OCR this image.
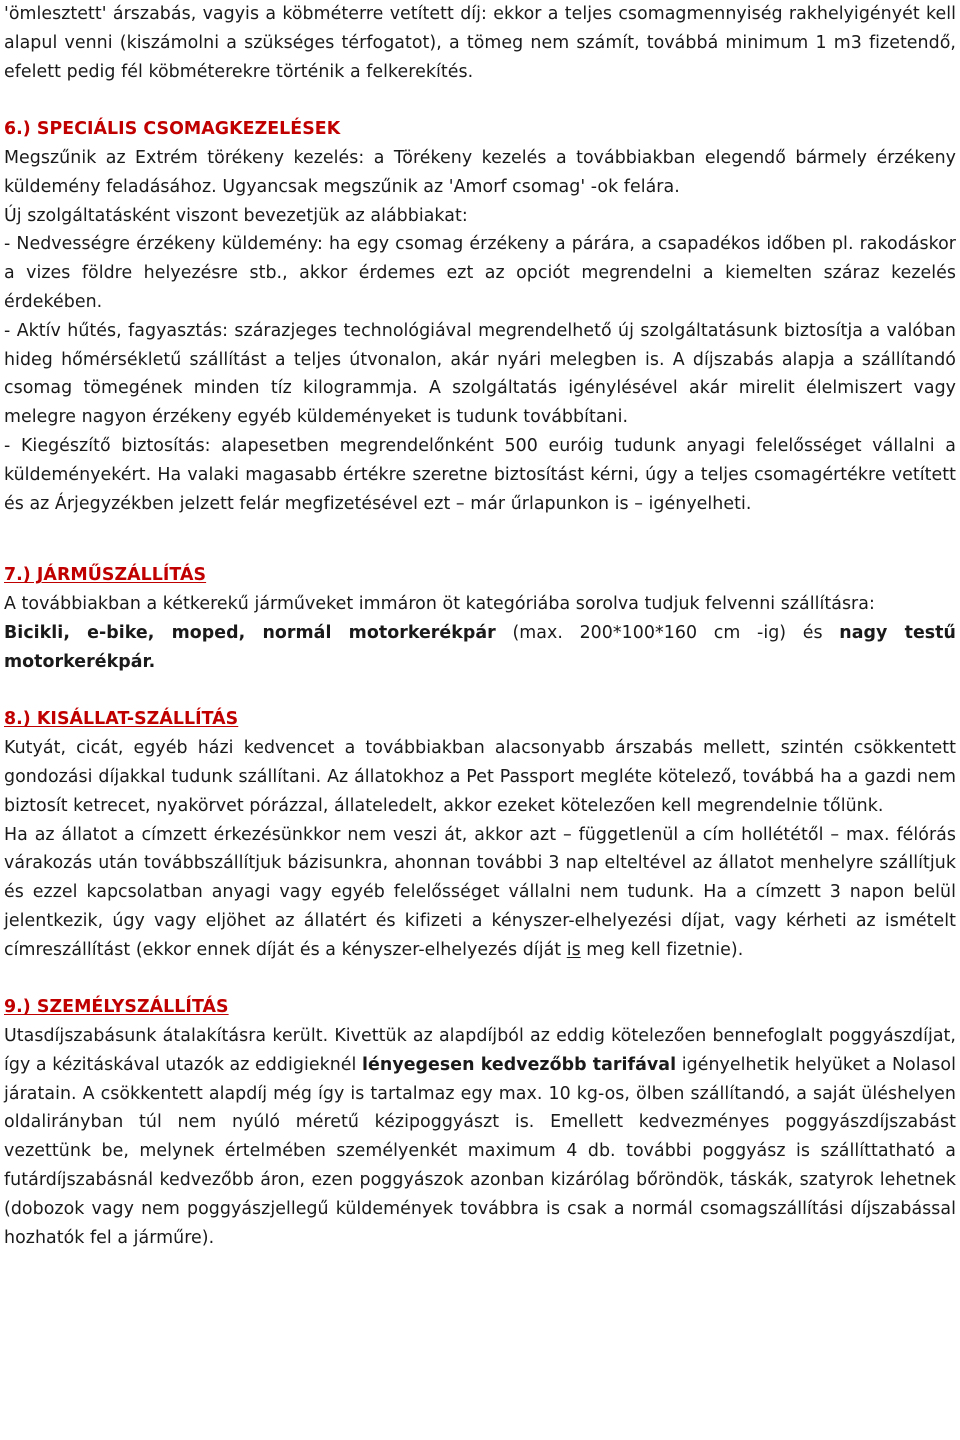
'ömlesztett' árszabás, vagyis a köbméterre vetített díj: ekkor a teljes csomagmennyiség rakhelyigényét kell alapul venni (kiszámolni a szükséges térfogatot), a tömeg nem számít, továbbá minimum 1 m3 fizetendő, efelett pedig fél köbméterekre történik a felkerekítés.

6.) SPECIÁLIS CSOMAGKEZELÉSEK

Megszűnik az Extrém törékeny kezelés: a Törékeny kezelés a továbbiakban elegendő bármely érzékeny küldemény feladásához. Ugyancsak megszűnik az 'Amorf csomag' -ok felára.

Új szolgáltatásként viszont bevezetjük az alábbiakat:

- Nedvességre érzékeny küldemény: ha egy csomag érzékeny a párára, a csapadékos időben pl. rakodáskor a vizes földre helyezésre stb., akkor érdemes ezt az opciót megrendelni a kiemelten száraz kezelés érdekében.

- Aktív hűtés, fagyasztás: szárazjeges technológiával megrendelhető új szolgáltatásunk biztosítja a valóban hideg hőmérsékletű szállítást a teljes útvonalon, akár nyári melegben is. A díjszabás alapja a szállítandó csomag tömegének minden tíz kilogrammja. A szolgáltatás igénylésével akár mirelit élelmiszert vagy melegre nagyon érzékeny egyéb küldeményeket is tudunk továbbítani.

- Kiegészítő biztosítás: alapesetben megrendelőnként 500 euróig tudunk anyagi felelősséget vállalni a küldeményekért. Ha valaki magasabb értékre szeretne biztosítást kérni, úgy a teljes csomagértékre vetített és az Árjegyzékben jelzett felár megfizetésével ezt – már űrlapunkon is – igényelheti.

7.) JÁRMŰSZÁLLÍTÁS

A továbbiakban a kétkerekű járműveket immáron öt kategóriába sorolva tudjuk felvenni szállításra:

Bicikli, e-bike, moped, normál motorkerékpár (max. 200*100*160 cm -ig) és nagy testű motorkerékpár.

8.) KISÁLLAT-SZÁLLÍTÁS

Kutyát, cicát, egyéb házi kedvencet a továbbiakban alacsonyabb árszabás mellett, szintén csökkentett gondozási díjakkal tudunk szállítani. Az állatokhoz a Pet Passport megléte kötelező, továbbá ha a gazdi nem biztosít ketrecet, nyakörvet pórázzal, állateledelt, akkor ezeket kötelezően kell megrendelnie tőlünk.

Ha az állatot a címzett érkezésünkkor nem veszi át, akkor azt – függetlenül a cím hollététől – max. félórás várakozás után továbbszállítjuk bázisunkra, ahonnan további 3 nap elteltével az állatot menhelyre szállítjuk és ezzel kapcsolatban anyagi vagy egyéb felelősséget vállalni nem tudunk. Ha a címzett 3 napon belül jelentkezik, úgy vagy eljöhet az állatért és kifizeti a kényszer-elhelyezési díjat, vagy kérheti az ismételt címreszállítást (ekkor ennek díját és a kényszer-elhelyezés díját is meg kell fizetnie).

9.) SZEMÉLYSZÁLLÍTÁS

Utasdíjszabásunk átalakításra került. Kivettük az alapdíjból az eddig kötelezően bennefoglalt poggyászdíjat, így a kézitáskával utazók az eddigieknél lényegesen kedvezőbb tarifával igényelhetik helyüket a Nolasol járatain. A csökkentett alapdíj még így is tartalmaz egy max. 10 kg-os, ölben szállítandó, a saját üléshelyen oldalirányban túl nem nyúló méretű kézipoggyászt is. Emellett kedvezményes poggyászdíjszabást vezettünk be, melynek értelmében személyenkét maximum 4 db. további poggyász is szállíttatható a futárdíjszabásnál kedvezőbb áron, ezen poggyászok azonban kizárólag bőröndök, táskák, szatyrok lehetnek (dobozok vagy nem poggyászjellegű küldemények továbbra is csak a normál csomagszállítási díjszabással hozhatók fel a járműre).
